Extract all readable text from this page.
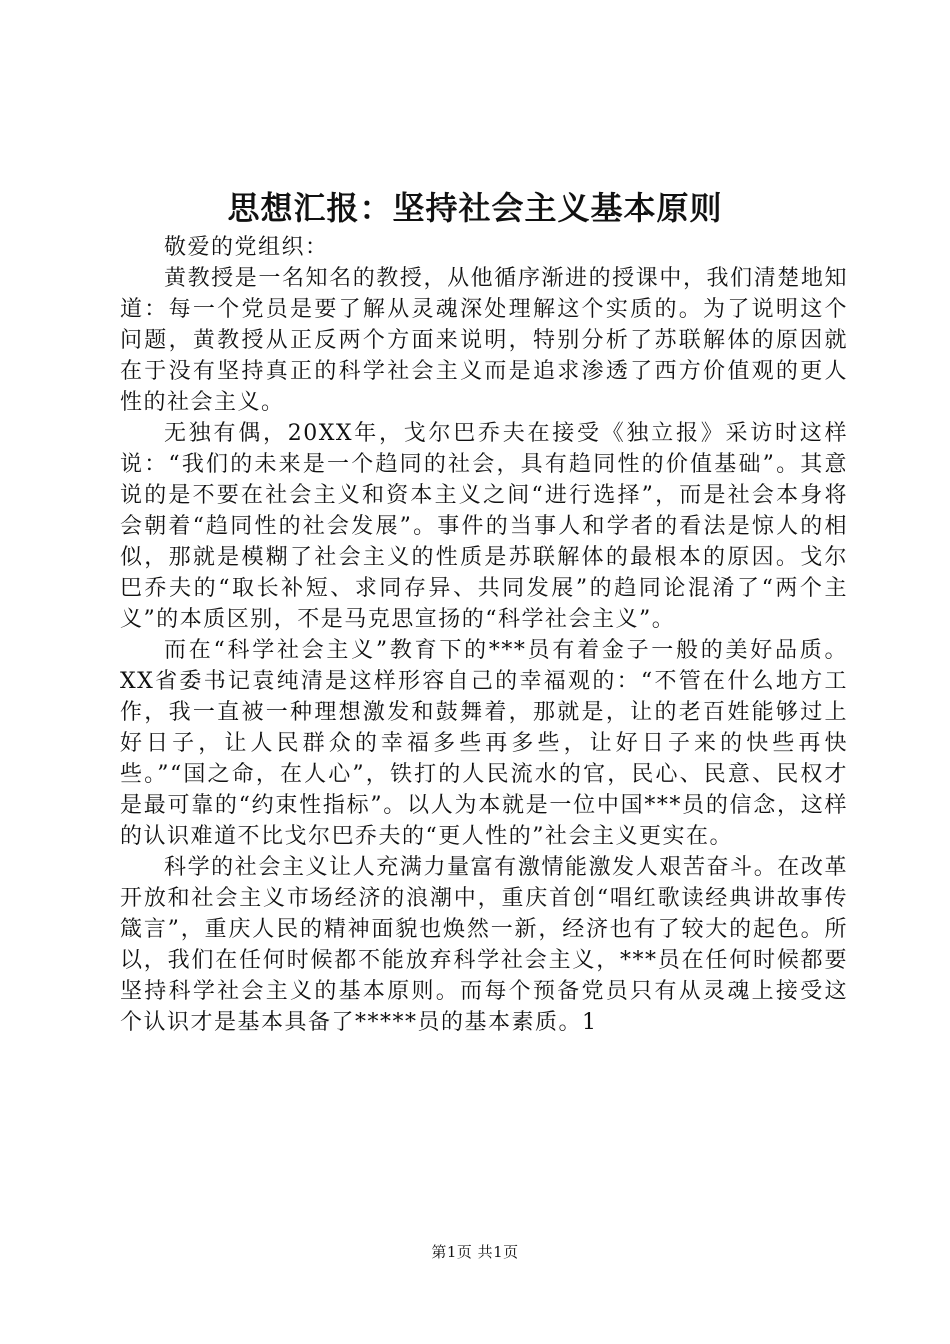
思想汇报：坚持社会主义基本原则

敬爱的党组织：

黄教授是一名知名的教授，从他循序渐进的授课中，我们清楚地知道：每一个党员是要了解从灵魂深处理解这个实质的。为了说明这个问题，黄教授从正反两个方面来说明，特别分析了苏联解体的原因就在于没有坚持真正的科学社会主义而是追求渗透了西方价值观的更人性的社会主义。

无独有偶，20XX年，戈尔巴乔夫在接受《独立报》采访时这样说：“我们的未来是一个趋同的社会，具有趋同性的价值基础”。其意说的是不要在社会主义和资本主义之间“进行选择”，而是社会本身将会朝着“趋同性的社会发展”。事件的当事人和学者的看法是惊人的相似，那就是模糊了社会主义的性质是苏联解体的最根本的原因。戈尔巴乔夫的“取长补短、求同存异、共同发展”的趋同论混淆了“两个主义”的本质区别，不是马克思宣扬的“科学社会主义”。

而在“科学社会主义”教育下的***员有着金子一般的美好品质。XX省委书记袁纯清是这样形容自己的幸福观的：“不管在什么地方工作，我一直被一种理想激发和鼓舞着，那就是，让的老百姓能够过上好日子，让人民群众的幸福多些再多些，让好日子来的快些再快些。”“国之命，在人心”，铁打的人民流水的官，民心、民意、民权才是最可靠的“约束性指标”。以人为本就是一位中国***员的信念，这样的认识难道不比戈尔巴乔夫的“更人性的”社会主义更实在。

科学的社会主义让人充满力量富有激情能激发人艰苦奋斗。在改革开放和社会主义市场经济的浪潮中，重庆首创“唱红歌读经典讲故事传箴言”，重庆人民的精神面貌也焕然一新，经济也有了较大的起色。所以，我们在任何时候都不能放弃科学社会主义，***员在任何时候都要坚持科学社会主义的基本原则。而每个预备党员只有从灵魂上接受这个认识才是基本具备了*****员的基本素质。1

第1页 共1页
